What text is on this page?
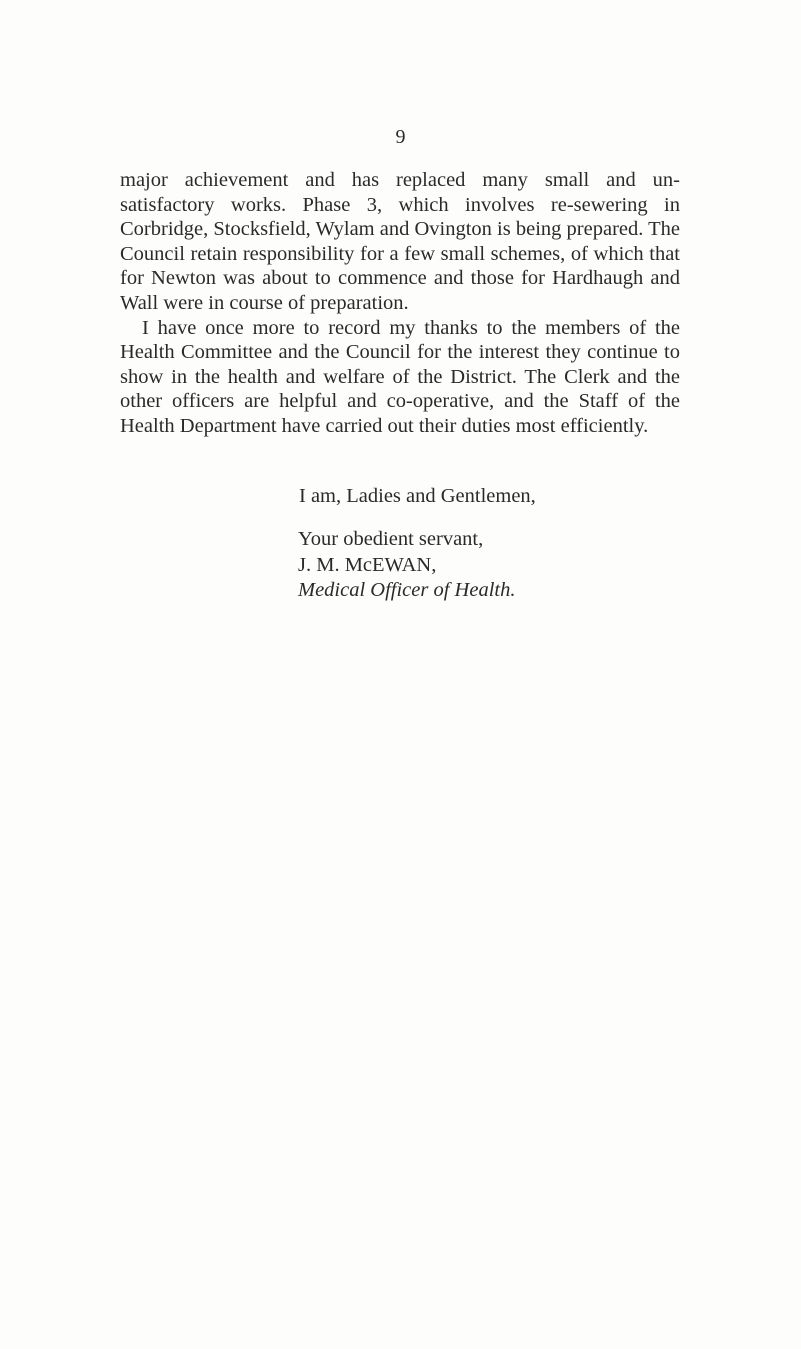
9

major achievement and has replaced many small and un-satisfactory works. Phase 3, which involves re-sewering in Corbridge, Stocksfield, Wylam and Ovington is being prepared. The Council retain responsibility for a few small schemes, of which that for Newton was about to commence and those for Hardhaugh and Wall were in course of preparation.

I have once more to record my thanks to the members of the Health Committee and the Council for the interest they continue to show in the health and welfare of the District. The Clerk and the other officers are helpful and co-operative, and the Staff of the Health Department have carried out their duties most efficiently.

I am, Ladies and Gentlemen,
Your obedient servant,
J. M. McEWAN,
Medical Officer of Health.
